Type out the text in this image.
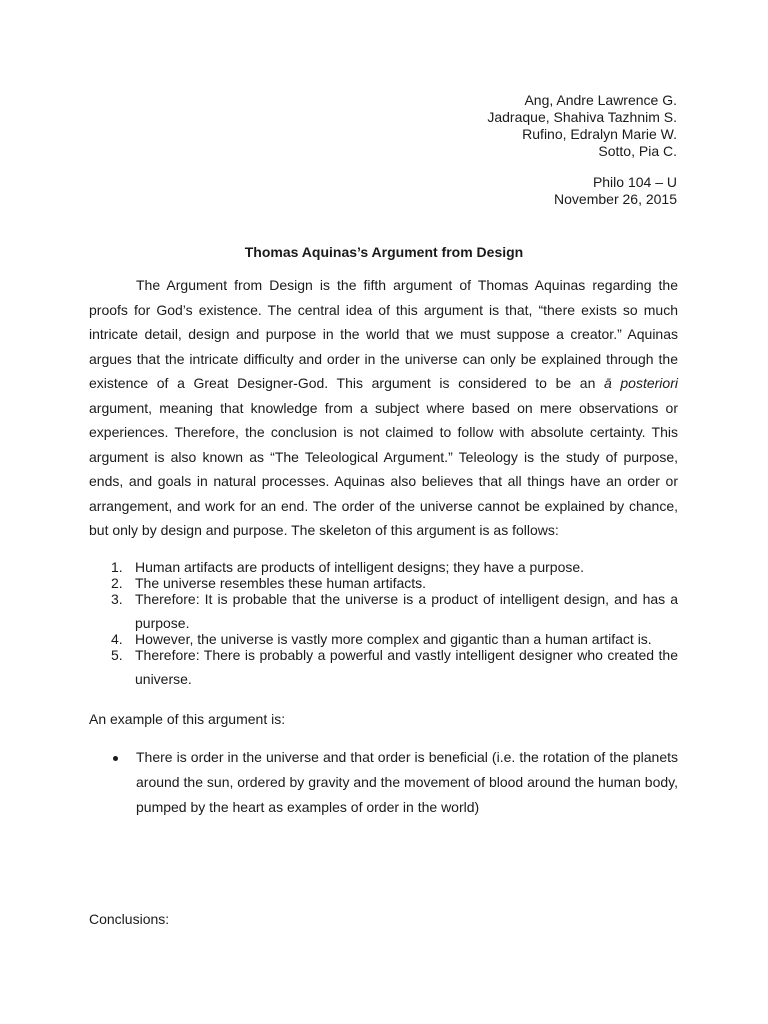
Ang, Andre Lawrence G.
Jadraque, Shahiva Tazhnim S.
Rufino, Edralyn Marie W.
Sotto, Pia C.
Philo 104 – U
November 26, 2015
Thomas Aquinas’s Argument from Design

The Argument from Design is the fifth argument of Thomas Aquinas regarding the proofs for God’s existence. The central idea of this argument is that, “there exists so much intricate detail, design and purpose in the world that we must suppose a creator.” Aquinas argues that the intricate difficulty and order in the universe can only be explained through the existence of a Great Designer-God. This argument is considered to be an ā posteriori argument, meaning that knowledge from a subject where based on mere observations or experiences. Therefore, the conclusion is not claimed to follow with absolute certainty. This argument is also known as “The Teleological Argument.” Teleology is the study of purpose, ends, and goals in natural processes. Aquinas also believes that all things have an order or arrangement, and work for an end. The order of the universe cannot be explained by chance, but only by design and purpose. The skeleton of this argument is as follows:

1. Human artifacts are products of intelligent designs; they have a purpose.
2. The universe resembles these human artifacts.
3. Therefore: It is probable that the universe is a product of intelligent design, and has a purpose.
4. However, the universe is vastly more complex and gigantic than a human artifact is.
5. Therefore: There is probably a powerful and vastly intelligent designer who created the universe.
An example of this argument is:
There is order in the universe and that order is beneficial (i.e. the rotation of the planets around the sun, ordered by gravity and the movement of blood around the human body, pumped by the heart as examples of order in the world)
Conclusions:
